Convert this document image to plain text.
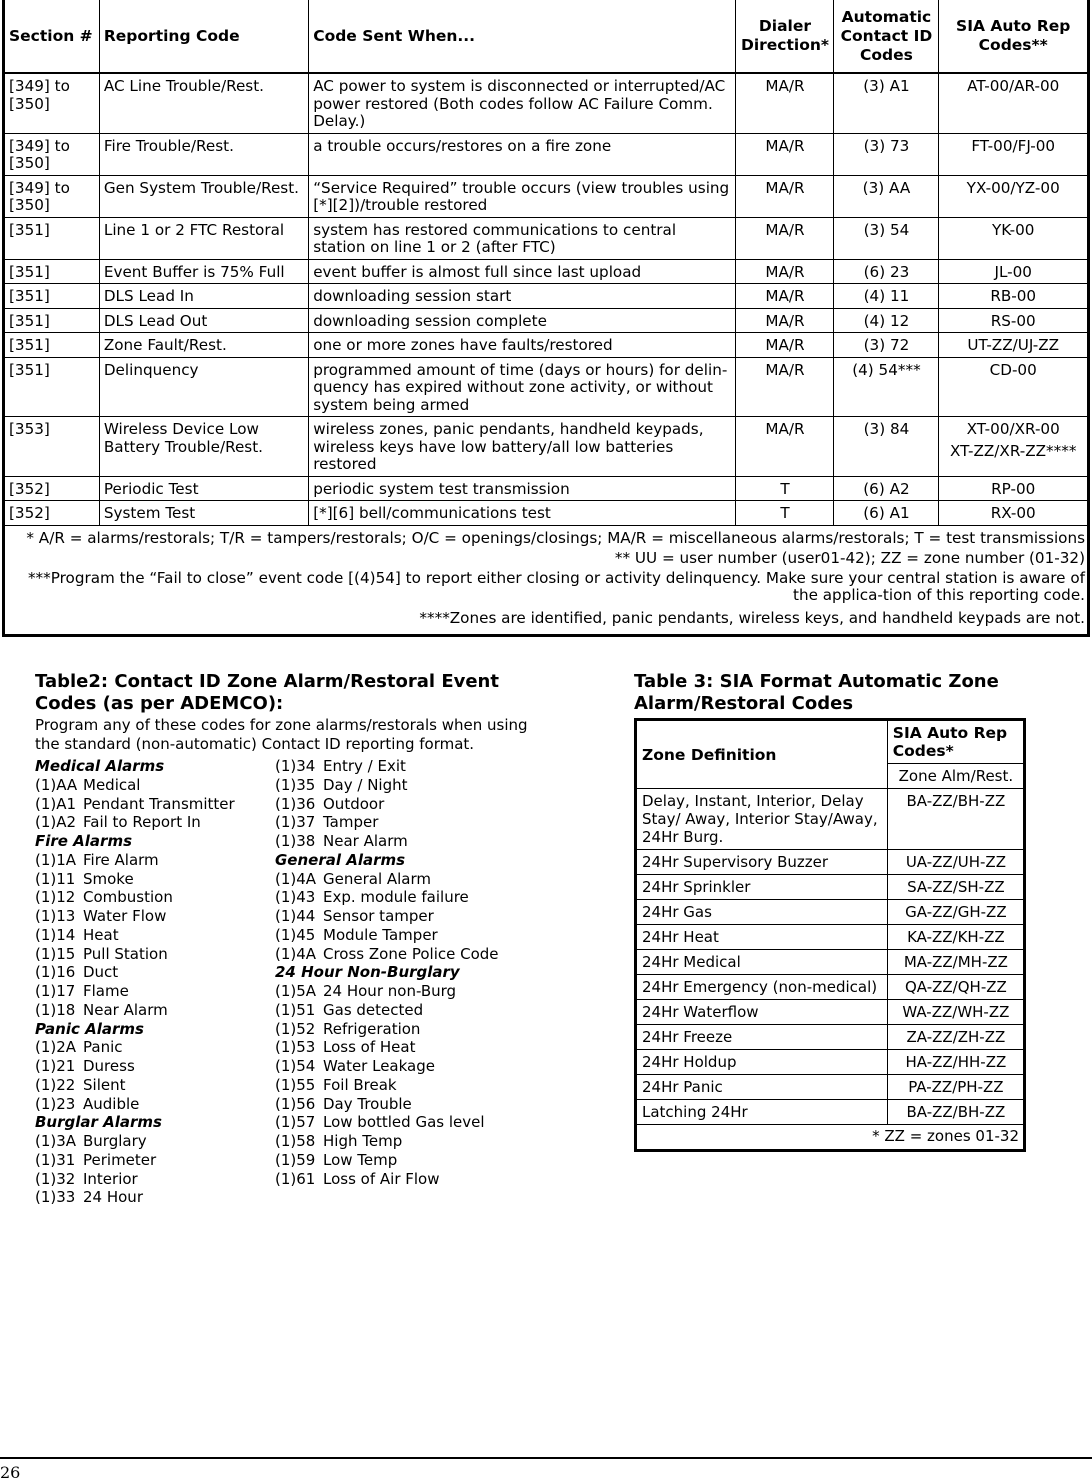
Section #	Reporting Code	Code Sent When...	Dialer Direction*	Automatic Contact ID Codes	SIA Auto Rep Codes**
[349] to [350]	AC Line Trouble/Rest.	AC power to system is disconnected or interrupted/AC power restored (Both codes follow AC Failure Comm. Delay.)	MA/R	(3) A1	AT-00/AR-00

[349] to [350]	Fire Trouble/Rest.	a trouble occurs/restores on a fire zone	MA/R	(3) 73	FT-00/FJ-00

[349] to [350]	Gen System Trouble/Rest.	“Service Required” trouble occurs (view troubles using [*][2])/trouble restored	MA/R	(3) AA	YX-00/YZ-00

[351]	Line 1 or 2 FTC Restoral	system has restored communications to central station on line 1 or 2 (after FTC)	MA/R	(3) 54	YK-00

[351]	Event Buffer is 75% Full	event buffer is almost full since last upload	MA/R	(6) 23	JL-00

[351]	DLS Lead In	downloading session start	MA/R	(4) 11	RB-00

[351]	DLS Lead Out	downloading session complete	MA/R	(4) 12	RS-00

[351]	Zone Fault/Rest.	one or more zones have faults/restored	MA/R	(3) 72	UT-ZZ/UJ-ZZ

[351]	Delinquency	programmed amount of time (days or hours) for delin-quency has expired without zone activity, or without system being armed	MA/R	(4) 54***	CD-00

[353]	Wireless Device Low Battery Trouble/Rest.	wireless zones, panic pendants, handheld keypads, wireless keys have low battery/all low batteries restored	MA/R	(3) 84	XT-00/XR-00
XT-ZZ/XR-ZZ****

[352]	Periodic Test	periodic system test transmission	T	(6) A2	RP-00

[352]	System Test	[*][6] bell/communications test	T	(6) A1	RX-00

* A/R = alarms/restorals; T/R = tampers/restorals; O/C = openings/closings; MA/R = miscellaneous alarms/restorals; T = test transmissions

** UU = user number (user01-42); ZZ = zone number (01-32)

***Program the “Fail to close” event code [(4)54] to report either closing or activity delinquency. Make sure your central station is aware of the applica-tion of this reporting code.

****Zones are identified, panic pendants, wireless keys, and handheld keypads are not.					

Table2: Contact ID Zone Alarm/Restoral Event Codes (as per ADEMCO):

Program any of these codes for zone alarms/restorals when using the standard (non-automatic) Contact ID reporting format.

Medical Alarms
(1)AA Medical
(1)A1 Pendant Transmitter
(1)A2 Fail to Report In
Fire Alarms
(1)1A Fire Alarm
(1)11 Smoke
(1)12 Combustion
(1)13 Water Flow
(1)14 Heat
(1)15 Pull Station
(1)16 Duct
(1)17 Flame
(1)18 Near Alarm
Panic Alarms
(1)2A Panic
(1)21 Duress
(1)22 Silent
(1)23 Audible
Burglar Alarms
(1)3A Burglary
(1)31 Perimeter
(1)32 Interior
(1)33 24 Hour
(1)34 Entry / Exit
(1)35 Day / Night
(1)36 Outdoor
(1)37 Tamper
(1)38 Near Alarm
General Alarms
(1)4A General Alarm
(1)43 Exp. module failure
(1)44 Sensor tamper
(1)45 Module Tamper
(1)4A Cross Zone Police Code
24 Hour Non-Burglary
(1)5A 24 Hour non-Burg
(1)51 Gas detected
(1)52 Refrigeration
(1)53 Loss of Heat
(1)54 Water Leakage
(1)55 Foil Break
(1)56 Day Trouble
(1)57 Low bottled Gas level
(1)58 High Temp
(1)59 Low Temp
(1)61 Loss of Air Flow
Table 3: SIA Format Automatic Zone Alarm/Restoral Codes
Zone Definition	SIA Auto Rep Codes*
	Zone Alm/Rest.
Delay, Instant, Interior, Delay Stay/ Away, Interior Stay/Away, 24Hr Burg.	BA-ZZ/BH-ZZ
24Hr Supervisory Buzzer	UA-ZZ/UH-ZZ
24Hr Sprinkler	SA-ZZ/SH-ZZ
24Hr Gas	GA-ZZ/GH-ZZ
24Hr Heat	KA-ZZ/KH-ZZ
24Hr Medical	MA-ZZ/MH-ZZ
24Hr Emergency (non-medical)	QA-ZZ/QH-ZZ
24Hr Waterflow	WA-ZZ/WH-ZZ
24Hr Freeze	ZA-ZZ/ZH-ZZ
24Hr Holdup	HA-ZZ/HH-ZZ
24Hr Panic	PA-ZZ/PH-ZZ
Latching 24Hr	BA-ZZ/BH-ZZ
* ZZ = zones 01-32	
26
